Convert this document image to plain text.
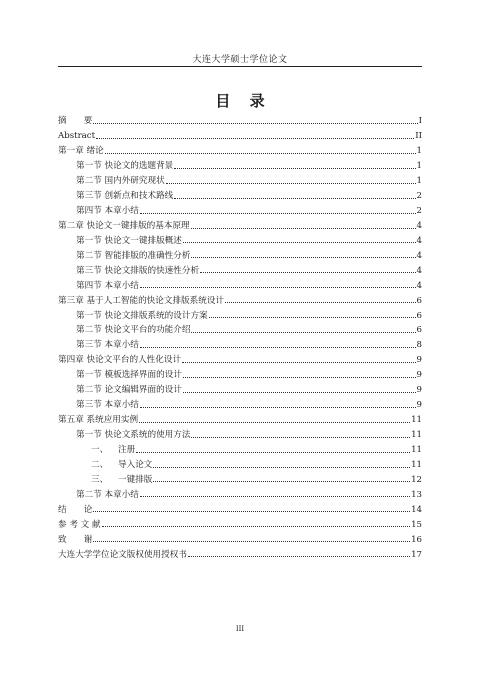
大连大学硕士学位论文
目 录
摘　　要	I
Abstract	II
第一章 绪论	1
第一节 快论文的选题背景	1
第二节 国内外研究现状	1
第三节 创新点和技术路线	2
第四节 本章小结	2
第二章 快论文一键排版的基本原理	4
第一节 快论文一键排版概述	4
第二节 智能排版的准确性分析	4
第三节 快论文排版的快速性分析	4
第四节 本章小结	4
第三章 基于人工智能的快论文排版系统设计	6
第一节 快论文排版系统的设计方案	6
第二节 快论文平台的功能介绍	6
第三节 本章小结	8
第四章 快论文平台的人性化设计	9
第一节 模板选择界面的设计	9
第二节 论文编辑界面的设计	9
第三节 本章小结	9
第五章 系统应用实例	11
第一节 快论文系统的使用方法	11
一、 注册	11
二、 导入论文	11
三、 一键排版	12
第二节 本章小结	13
结　　论	14
参 考 文 献	15
致　　谢	16
大连大学学位论文版权使用授权书	17
III
